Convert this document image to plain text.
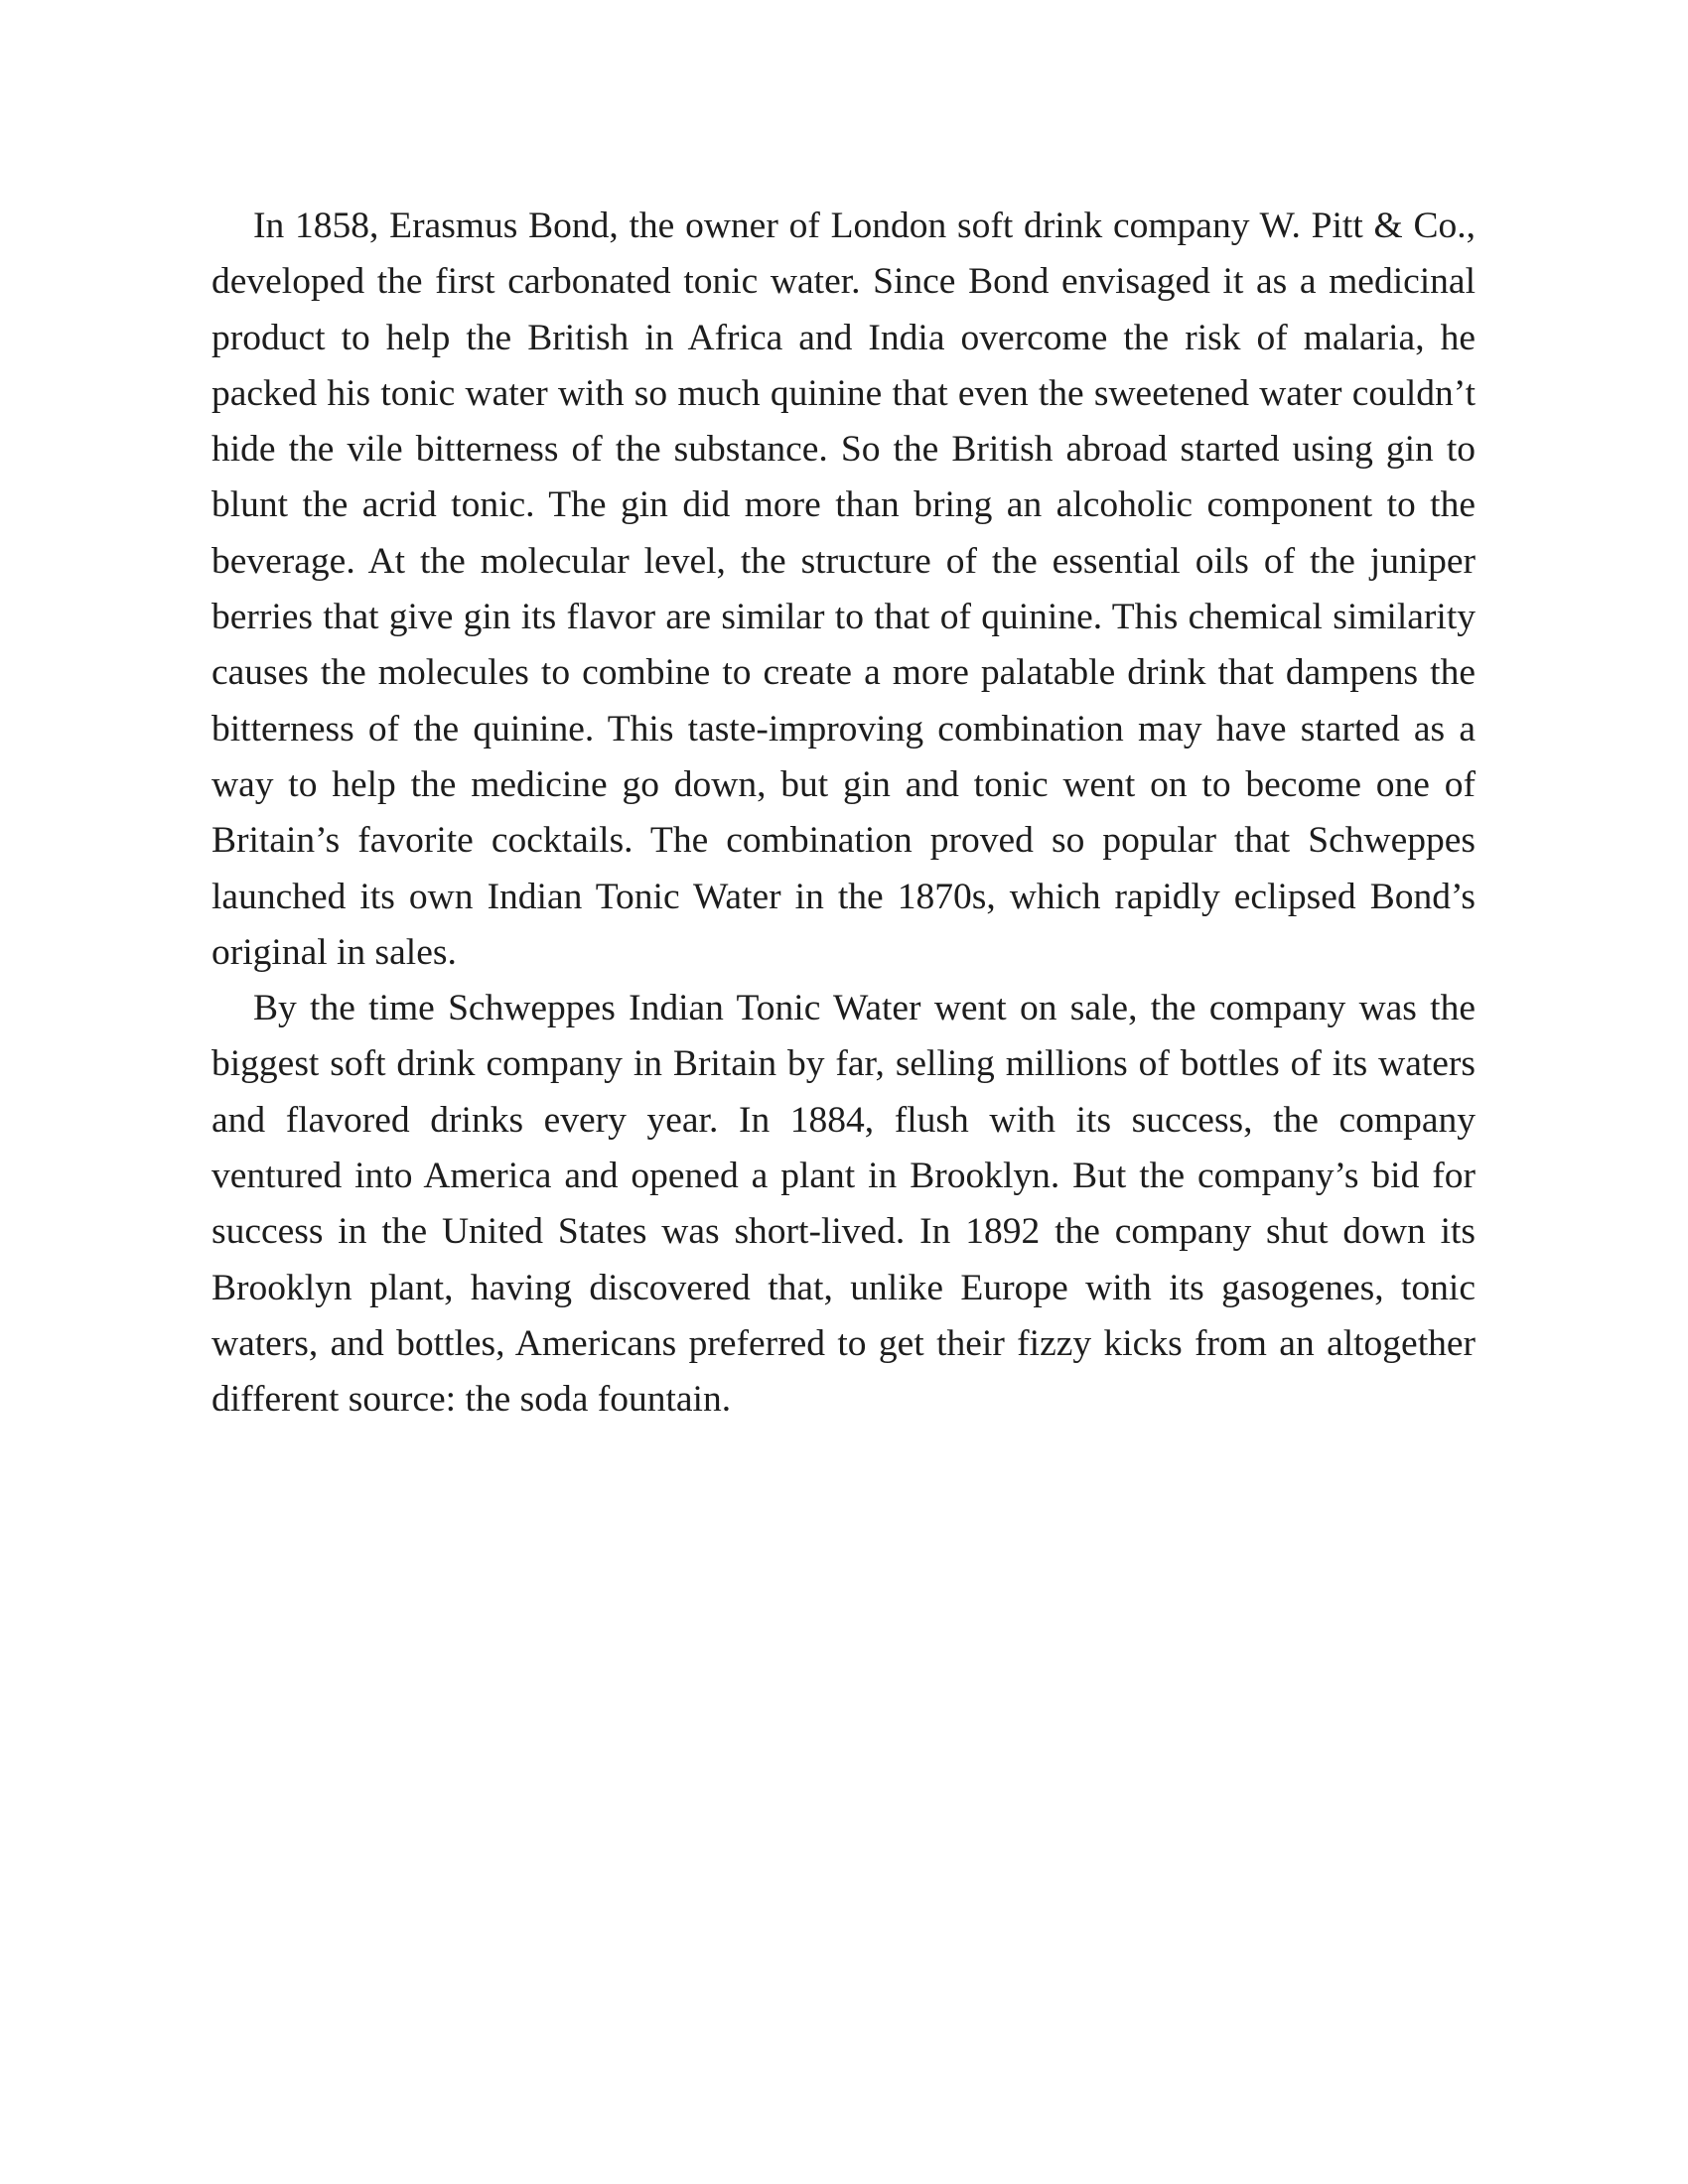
In 1858, Erasmus Bond, the owner of London soft drink company W. Pitt & Co., developed the first carbonated tonic water. Since Bond envisaged it as a medicinal product to help the British in Africa and India overcome the risk of malaria, he packed his tonic water with so much quinine that even the sweetened water couldn’t hide the vile bitterness of the substance. So the British abroad started using gin to blunt the acrid tonic. The gin did more than bring an alcoholic component to the beverage. At the molecular level, the structure of the essential oils of the juniper berries that give gin its flavor are similar to that of quinine. This chemical similarity causes the molecules to combine to create a more palatable drink that dampens the bitterness of the quinine. This taste-improving combination may have started as a way to help the medicine go down, but gin and tonic went on to become one of Britain’s favorite cocktails. The combination proved so popular that Schweppes launched its own Indian Tonic Water in the 1870s, which rapidly eclipsed Bond’s original in sales.

By the time Schweppes Indian Tonic Water went on sale, the company was the biggest soft drink company in Britain by far, selling millions of bottles of its waters and flavored drinks every year. In 1884, flush with its success, the company ventured into America and opened a plant in Brooklyn. But the company’s bid for success in the United States was short-lived. In 1892 the company shut down its Brooklyn plant, having discovered that, unlike Europe with its gasogenes, tonic waters, and bottles, Americans preferred to get their fizzy kicks from an altogether different source: the soda fountain.
